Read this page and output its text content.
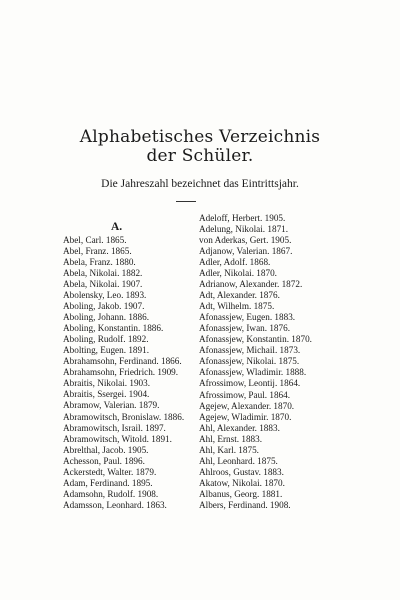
Alphabetisches Verzeichnis
der Schüler.
Die Jahreszahl bezeichnet das Eintrittsjahr.
A.
Abel, Carl. 1865.
Abel, Franz. 1865.
Abela, Franz. 1880.
Abela, Nikolai. 1882.
Abela, Nikolai. 1907.
Abolensky, Leo. 1893.
Aboling, Jakob. 1907.
Aboling, Johann. 1886.
Aboling, Konstantin. 1886.
Aboling, Rudolf. 1892.
Abolting, Eugen. 1891.
Abrahamsohn, Ferdinand. 1866.
Abrahamsohn, Friedrich. 1909.
Abraitis, Nikolai. 1903.
Abraitis, Ssergei. 1904.
Abramow, Valerian. 1879.
Abramowitsch, Bronislaw. 1886.
Abramowitsch, Israil. 1897.
Abramowitsch, Witold. 1891.
Abrelthal, Jacob. 1905.
Achesson, Paul. 1896.
Ackerstedt, Walter. 1879.
Adam, Ferdinand. 1895.
Adamsohn, Rudolf. 1908.
Adamsson, Leonhard. 1863.
Adeloff, Herbert. 1905.
Adelung, Nikolai. 1871.
von Aderkas, Gert. 1905.
Adjanow, Valerian. 1867.
Adler, Adolf. 1868.
Adler, Nikolai. 1870.
Adrianow, Alexander. 1872.
Adt, Alexander. 1876.
Adt, Wilhelm. 1875.
Afonassjew, Eugen. 1883.
Afonassjew, Iwan. 1876.
Afonassjew, Konstantin. 1870.
Afonassjew, Michail. 1873.
Afonassjew, Nikolai. 1875.
Afonassjew, Wladimir. 1888.
Afrossimow, Leontij. 1864.
Afrossimow, Paul. 1864.
Agejew, Alexander. 1870.
Agejew, Wladimir. 1870.
Ahl, Alexander. 1883.
Ahl, Ernst. 1883.
Ahl, Karl. 1875.
Ahl, Leonhard. 1875.
Ahlroos, Gustav. 1883.
Akatow, Nikolai. 1870.
Albanus, Georg. 1881.
Albers, Ferdinand. 1908.
